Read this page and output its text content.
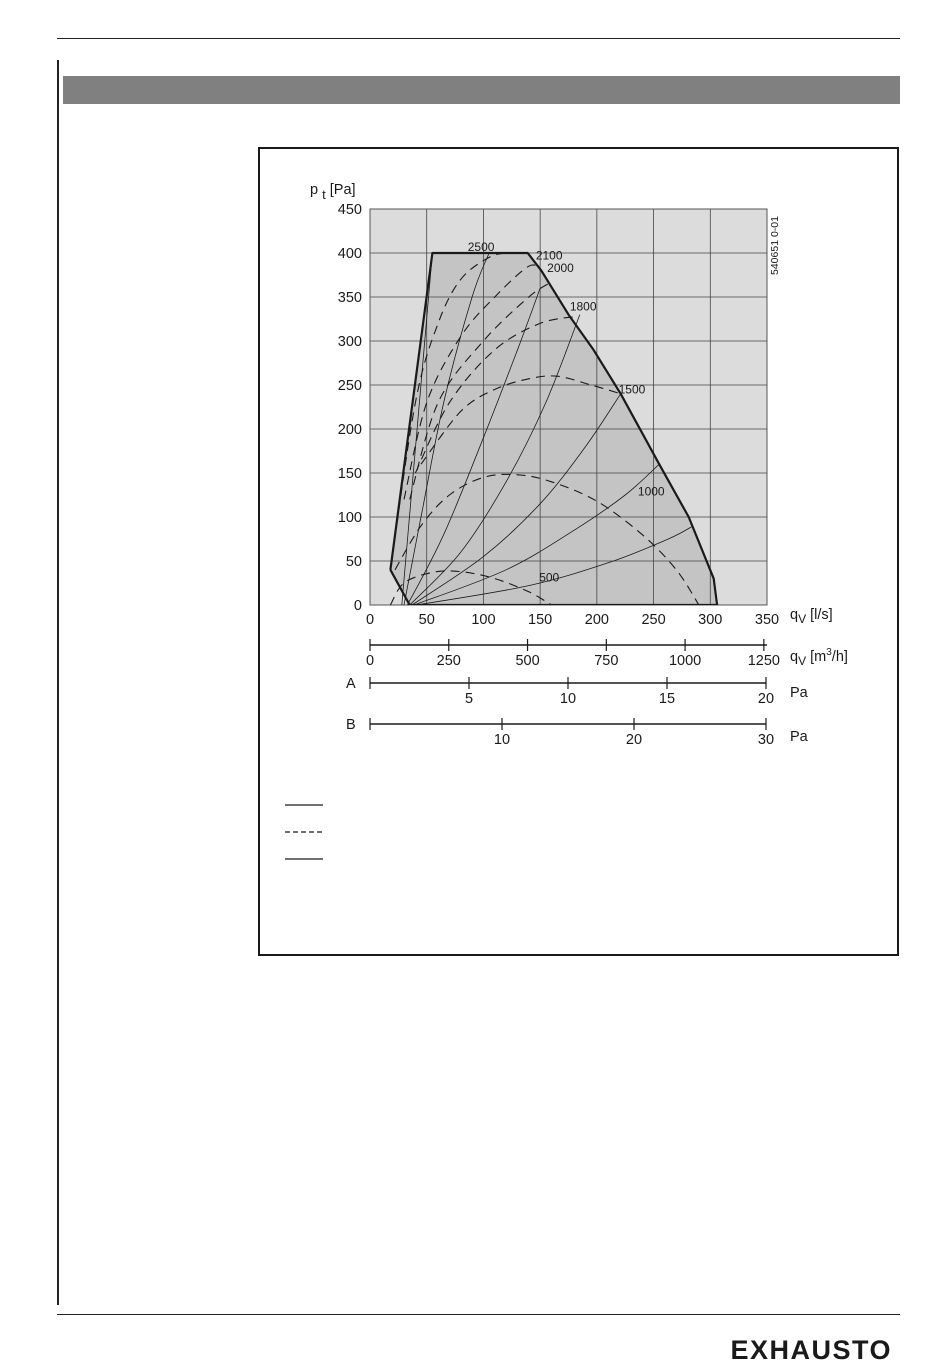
2500
2100
2000
1800
1500
1000
500
0
50
100
150
200
250
300
350
400
450
p t [Pa]
0	50	100 150 200 250 300 350 $q_V$ [l/s]
0	250	500	750	1000	1250 $q_V$ $[m^3/h]$
A
5	10	15	20 Pa
B
10	20	30 Pa
540651 0-01
EXHAUSTO
